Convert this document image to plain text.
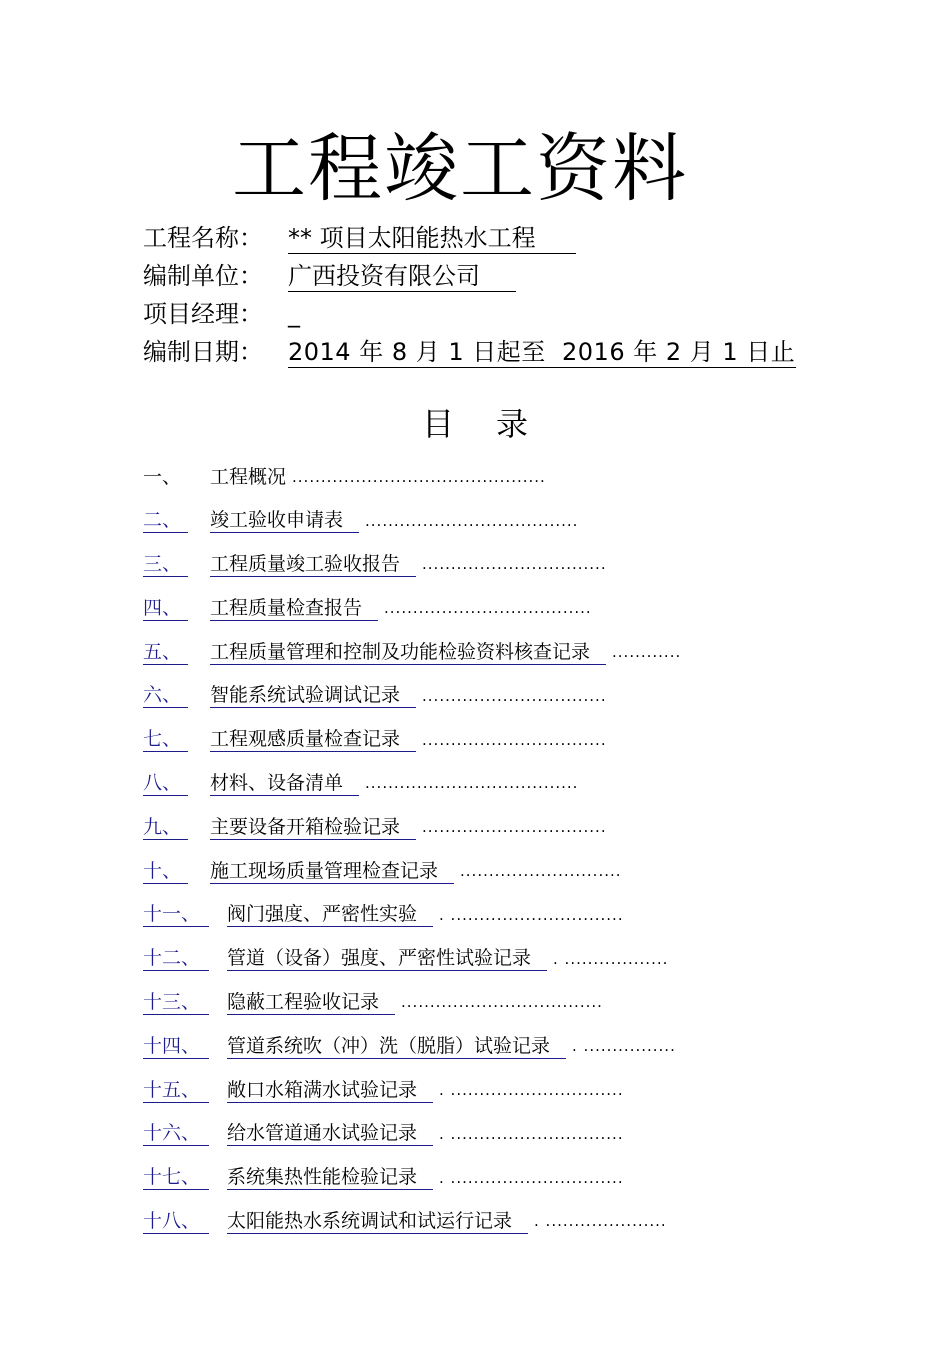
工程竣工资料
工程名称：	** 项目太阳能热水工程
编制单位：	广西投资有限公司
项目经理：	_
编制日期：	2014 年 8 月 1 日起至  2016 年 2 月 1 日止
目 录
一、	工程概况 ............................................
二、	竣工验收申请表	.....................................
三、	工程质量竣工验收报告	................................
四、	工程质量检查报告	....................................
五、	工程质量管理和控制及功能检验资料核查记录	............
六、	智能系统试验调试记录	................................
七、	工程观感质量检查记录	................................
八、	材料、设备清单	.....................................
九、	主要设备开箱检验记录	................................
十、	施工现场质量管理检查记录	............................
十一、	阀门强度、严密性实验	. ..............................
十二、	管道（设备）强度、严密性试验记录	. ..................
十三、	隐蔽工程验收记录	...................................
十四、	管道系统吹（冲）洗（脱脂）试验记录	. ................
十五、	敞口水箱满水试验记录	. ..............................
十六、	给水管道通水试验记录	. ..............................
十七、	系统集热性能检验记录	. ..............................
十八、	太阳能热水系统调试和试运行记录	. .....................
